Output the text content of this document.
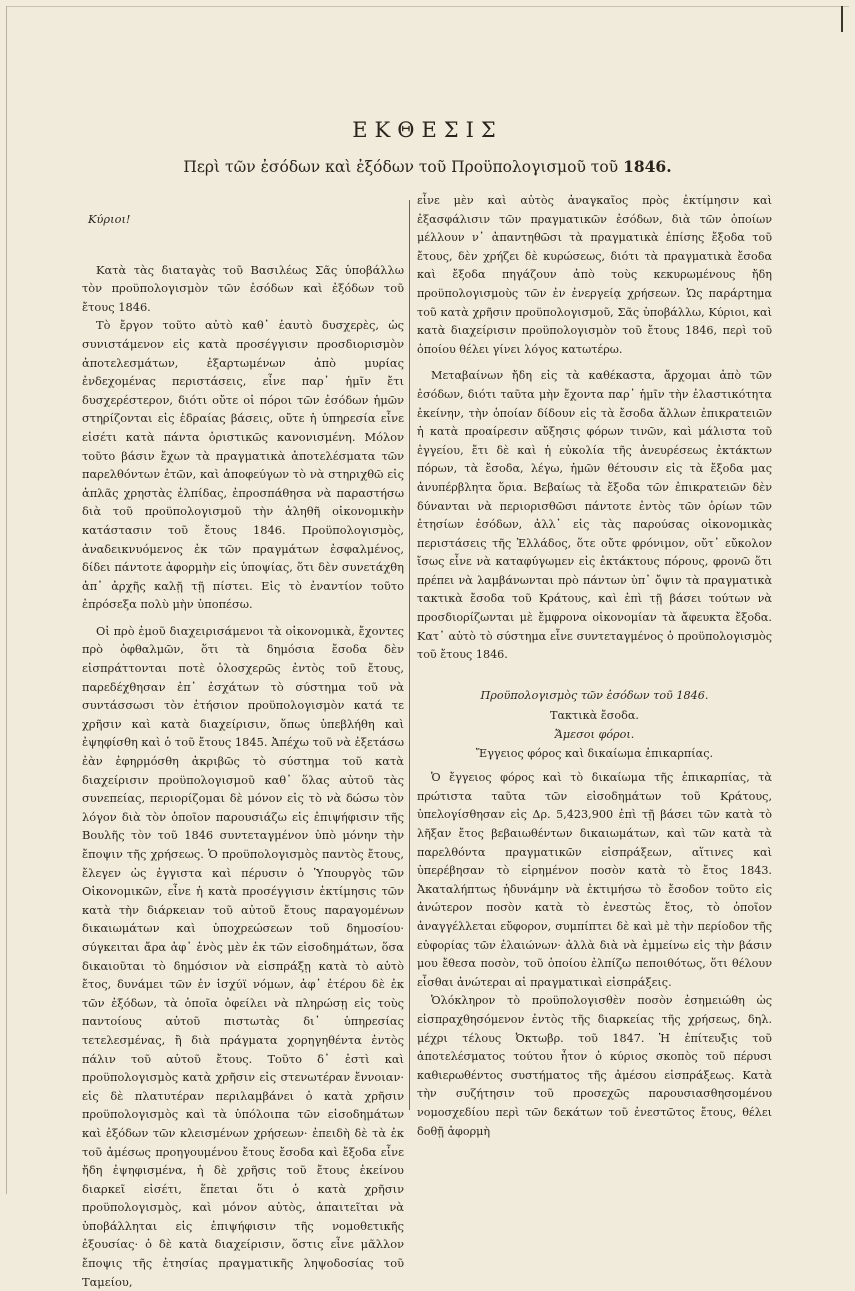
ΕΚΘΕΣΙΣ

Περὶ τῶν ἐσόδων καὶ ἐξόδων τοῦ Προϋπολογισμοῦ τοῦ 1846.

Κύριοι!

Κατὰ τὰς διαταγὰς τοῦ Βασιλέως Σᾶς ὑποβάλλω τὸν προϋπολογισμὸν τῶν ἐσόδων καὶ ἐξόδων τοῦ ἔτους 1846.

Τὸ ἔργον τοῦτο αὐτὸ καθ᾽ ἑαυτὸ δυσχερὲς, ὡς συνιστάμενον εἰς κατὰ προσέγγισιν προσδιορισμὸν ἀποτελεσμάτων, ἐξαρτωμένων ἀπὸ μυρίας ἐνδεχομένας περιστάσεις, εἶνε παρ᾽ ἡμῖν ἔτι δυσχερέστερον, διότι οὔτε οἱ πόροι τῶν ἐσόδων ἡμῶν στηρίζονται εἰς ἑδραίας βάσεις, οὔτε ἡ ὑπηρεσία εἶνε εἰσέτι κατὰ πάντα ὁριστικῶς κανονισμένη. Μόλον τοῦτο βάσιν ἔχων τὰ πραγματικὰ ἀποτελέσματα τῶν παρελθόντων ἐτῶν, καὶ ἀποφεύγων τὸ νὰ στηριχθῶ εἰς ἁπλᾶς χρηστὰς ἐλπίδας, ἐπροσπάθησα νὰ παραστήσω διὰ τοῦ προϋπολογισμοῦ τὴν ἀληθῆ οἰκονομικὴν κατάστασιν τοῦ ἔτους 1846. Προϋπολογισμὸς, ἀναδεικνυόμενος ἐκ τῶν πραγμάτων ἐσφαλμένος, δίδει πάντοτε ἀφορμὴν εἰς ὑποψίας, ὅτι δὲν συνετάχθη ἀπ᾽ ἀρχῆς καλῇ τῇ πίστει. Εἰς τὸ ἐναντίον τοῦτο ἐπρόσεξα πολὺ μὴν ὑποπέσω.

Οἱ πρὸ ἐμοῦ διαχειρισάμενοι τὰ οἰκονομικὰ, ἔχοντες πρὸ ὀφθαλμῶν, ὅτι τὰ δημόσια ἔσοδα δὲν εἰσπράττονται ποτὲ ὁλοσχερῶς ἐντὸς τοῦ ἔτους, παρεδέχθησαν ἐπ᾽ ἐσχάτων τὸ σύστημα τοῦ νὰ συντάσσωσι τὸν ἐτήσιον προϋπολογισμὸν κατά τε χρῆσιν καὶ κατὰ διαχείρισιν, ὅπως ὑπεβλήθη καὶ ἐψηφίσθη καὶ ὁ τοῦ ἔτους 1845. Ἀπέχω τοῦ νὰ ἐξετάσω ἐὰν ἐφηρμόσθη ἀκριβῶς τὸ σύστημα τοῦ κατὰ διαχείρισιν προϋπολογισμοῦ καθ᾽ ὅλας αὐτοῦ τὰς συνεπείας, περιορίζομαι δὲ μόνον εἰς τὸ νὰ δώσω τὸν λόγον διὰ τὸν ὁποῖον παρουσιάζω εἰς ἐπιψήφισιν τῆς Βουλῆς τὸν τοῦ 1846 συντεταγμένον ὑπὸ μόνην τὴν ἔποψιν τῆς χρήσεως. Ὁ προϋπολογισμὸς παντὸς ἔτους, ἔλεγεν ὡς ἐγγιστα καὶ πέρυσιν ὁ Ὑπουργὸς τῶν Οἰκονομικῶν, εἶνε ἡ κατὰ προσέγγισιν ἐκτίμησις τῶν κατὰ τὴν διάρκειαν τοῦ αὐτοῦ ἔτους παραγομένων δικαιωμάτων καὶ ὑποχρεώσεων τοῦ δημοσίου· σύγκειται ἄρα ἀφ᾽ ἑνὸς μὲν ἐκ τῶν εἰσοδημάτων, ὅσα δικαιοῦται τὸ δημόσιον νὰ εἰσπράξῃ κατὰ τὸ αὐτὸ ἔτος, δυνάμει τῶν ἐν ἰσχύϊ νόμων, ἀφ᾽ ἑτέρου δὲ ἐκ τῶν ἐξόδων, τὰ ὁποῖα ὀφείλει νὰ πληρώσῃ εἰς τοὺς παντοίους αὐτοῦ πιστωτὰς δι᾽ ὑπηρεσίας τετελεσμένας, ἢ διὰ πράγματα χορηγηθέντα ἐντὸς πάλιν τοῦ αὐτοῦ ἔτους. Τοῦτο δ᾽ ἐστὶ καὶ προϋπολογισμὸς κατὰ χρῆσιν εἰς στενωτέραν ἔννοιαν· εἰς δὲ πλατυτέραν περιλαμβάνει ὁ κατὰ χρῆσιν προϋπολογισμὸς καὶ τὰ ὑπόλοιπα τῶν εἰσοδημάτων καὶ ἐξόδων τῶν κλεισμένων χρήσεων· ἐπειδὴ δὲ τὰ ἐκ τοῦ ἀμέσως προηγουμένου ἔτους ἔσοδα καὶ ἔξοδα εἶνε ἤδη ἐψηφισμένα, ἡ δὲ χρῆσις τοῦ ἔτους ἐκείνου διαρκεῖ εἰσέτι, ἕπεται ὅτι ὁ κατὰ χρῆσιν προϋπολογισμὸς, καὶ μόνον αὐτὸς, ἀπαιτεῖται νὰ ὑποβάλληται εἰς ἐπιψήφισιν τῆς νομοθετικῆς ἐξουσίας· ὁ δὲ κατὰ διαχείρισιν, ὅστις εἶνε μᾶλλον ἔποψις τῆς ἐτησίας πραγματικῆς ληψοδοσίας τοῦ Ταμείου,

εἶνε μὲν καὶ αὐτὸς ἀναγκαῖος πρὸς ἐκτίμησιν καὶ ἐξασφάλισιν τῶν πραγματικῶν ἐσόδων, διὰ τῶν ὁποίων μέλλουν ν᾽ ἀπαντηθῶσι τὰ πραγματικὰ ἐπίσης ἔξοδα τοῦ ἔτους, δὲν χρήζει δὲ κυρώσεως, διότι τὰ πραγματικὰ ἔσοδα καὶ ἔξοδα πηγάζουν ἀπὸ τοὺς κεκυρωμένους ἤδη προϋπολογισμοὺς τῶν ἐν ἐνεργείᾳ χρήσεων. Ὡς παράρτημα τοῦ κατὰ χρῆσιν προϋπολογισμοῦ, Σᾶς ὑποβάλλω, Κύριοι, καὶ κατὰ διαχείρισιν προϋπολογισμὸν τοῦ ἔτους 1846, περὶ τοῦ ὁποίου θέλει γίνει λόγος κατωτέρω.

Μεταβαίνων ἤδη εἰς τὰ καθέκαστα, ἄρχομαι ἀπὸ τῶν ἐσόδων, διότι ταῦτα μὴν ἔχοντα παρ᾽ ἡμῖν τὴν ἐλαστικότητα ἐκείνην, τὴν ὁποίαν δίδουν εἰς τὰ ἔσοδα ἄλλων ἐπικρατειῶν ἡ κατὰ προαίρεσιν αὔξησις φόρων τινῶν, καὶ μάλιστα τοῦ ἐγγείου, ἔτι δὲ καὶ ἡ εὐκολία τῆς ἀνευρέσεως ἐκτάκτων πόρων, τὰ ἔσοδα, λέγω, ἡμῶν θέτουσιν εἰς τὰ ἔξοδα μας ἀνυπέρβλητα ὅρια. Βεβαίως τὰ ἔξοδα τῶν ἐπικρατειῶν δὲν δύνανται νὰ περιορισθῶσι πάντοτε ἐντὸς τῶν ὁρίων τῶν ἐτησίων ἐσόδων, ἀλλ᾽ εἰς τὰς παρούσας οἰκονομικὰς περιστάσεις τῆς Ἑλλάδος, ὅτε οὔτε φρόνιμον, οὔτ᾽ εὔκολον ἴσως εἶνε νὰ καταφύγωμεν εἰς ἐκτάκτους πόρους, φρονῶ ὅτι πρέπει νὰ λαμβάνωνται πρὸ πάντων ὑπ᾽ ὄψιν τὰ πραγματικὰ τακτικὰ ἔσοδα τοῦ Κράτους, καὶ ἐπὶ τῇ βάσει τούτων νὰ προσδιορίζωνται μὲ ἔμφρονα οἰκονομίαν τὰ ἄφευκτα ἔξοδα. Κατ᾽ αὐτὸ τὸ σύστημα εἶνε συντεταγμένος ὁ προϋπολογισμὸς τοῦ ἔτους 1846.

Προϋπολογισμὸς τῶν ἐσόδων τοῦ 1846.

Τακτικὰ ἔσοδα.

Ἄμεσοι φόροι.

Ἔγγειος φόρος καὶ δικαίωμα ἐπικαρπίας.

Ὁ ἔγγειος φόρος καὶ τὸ δικαίωμα τῆς ἐπικαρπίας, τὰ πρώτιστα ταῦτα τῶν εἰσοδημάτων τοῦ Κράτους, ὑπελογίσθησαν εἰς Δρ. 5,423,900 ἐπὶ τῇ βάσει τῶν κατὰ τὸ λῆξαν ἔτος βεβαιωθέντων δικαιωμάτων, καὶ τῶν κατὰ τὰ παρελθόντα πραγματικῶν εἰσπράξεων, αἵτινες καὶ ὑπερέβησαν τὸ εἰρημένον ποσὸν κατὰ τὸ ἔτος 1843. Ἀκαταλήπτως ἠδυνάμην νὰ ἐκτιμήσω τὸ ἔσοδον τοῦτο εἰς ἀνώτερον ποσὸν κατὰ τὸ ἐνεστὼς ἔτος, τὸ ὁποῖον ἀναγγέλλεται εὔφορον, συμπίπτει δὲ καὶ μὲ τὴν περίοδον τῆς εὐφορίας τῶν ἐλαιώνων· ἀλλὰ διὰ νὰ ἐμμείνω εἰς τὴν βάσιν μου ἔθεσα ποσὸν, τοῦ ὁποίου ἐλπίζω πεποιθότως, ὅτι θέλουν εἶσθαι ἀνώτεραι αἱ πραγματικαὶ εἰσπράξεις.

Ὁλόκληρον τὸ προϋπολογισθὲν ποσὸν ἐσημειώθη ὡς εἰσπραχθησόμενον ἐντὸς τῆς διαρκείας τῆς χρήσεως, δηλ. μέχρι τέλους Ὀκτωβρ. τοῦ 1847. Ἡ ἐπίτευξις τοῦ ἀποτελέσματος τούτου ἦτον ὁ κύριος σκοπὸς τοῦ πέρυσι καθιερωθέντος συστήματος τῆς ἀμέσου εἰσπράξεως. Κατὰ τὴν συζήτησιν τοῦ προσεχῶς παρουσιασθησομένου νομοσχεδίου περὶ τῶν δεκάτων τοῦ ἐνεστῶτος ἔτους, θέλει δοθῇ ἀφορμὴ
